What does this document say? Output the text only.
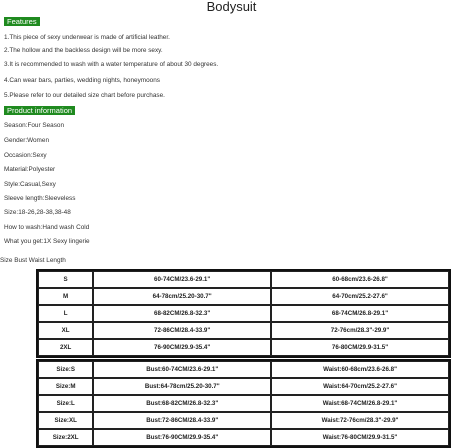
Bodysuit
Features
1.This piece of sexy underwear is made of artificial leather.
2.The hollow and the backless design will be more sexy.
3.It is recommended to wash with a water temperature of about 30 degrees.
4.Can wear bars, parties, wedding nights, honeymoons
5.Please refer to our detailed size chart before purchase.
Product information
Season:Four Season
Gender:Women
Occasion:Sexy
Material:Polyester
Style:Casual,Sexy
Sleeve length:Sleeveless
Size:18-26,28-38,38-48
How to wash:Hand wash Cold
What you get:1X Sexy lingerie
Size Bust Waist Length
S	60-74CM/23.6-29.1"	60-68cm/23.6-26.8"
M	64-78cm/25.20-30.7"	64-70cm/25.2-27.6"
L	68-82CM/26.8-32.3"	68-74CM/26.8-29.1"
XL	72-86CM/28.4-33.9"	72-76cm/28.3"-29.9"
2XL	76-90CM/29.9-35.4"	76-80CM/29.9-31.5"
Size:S	Bust:60-74CM/23.6-29.1"	Waist:60-68cm/23.6-26.8"
Size:M	Bust:64-78cm/25.20-30.7"	Waist:64-70cm/25.2-27.6"
Size:L	Bust:68-82CM/26.8-32.3"	Waist:68-74CM/26.8-29.1"
Size:XL	Bust:72-86CM/28.4-33.9"	Waist:72-76cm/28.3"-29.9"
Size:2XL	Bust:76-90CM/29.9-35.4"	Waist:76-80CM/29.9-31.5"
